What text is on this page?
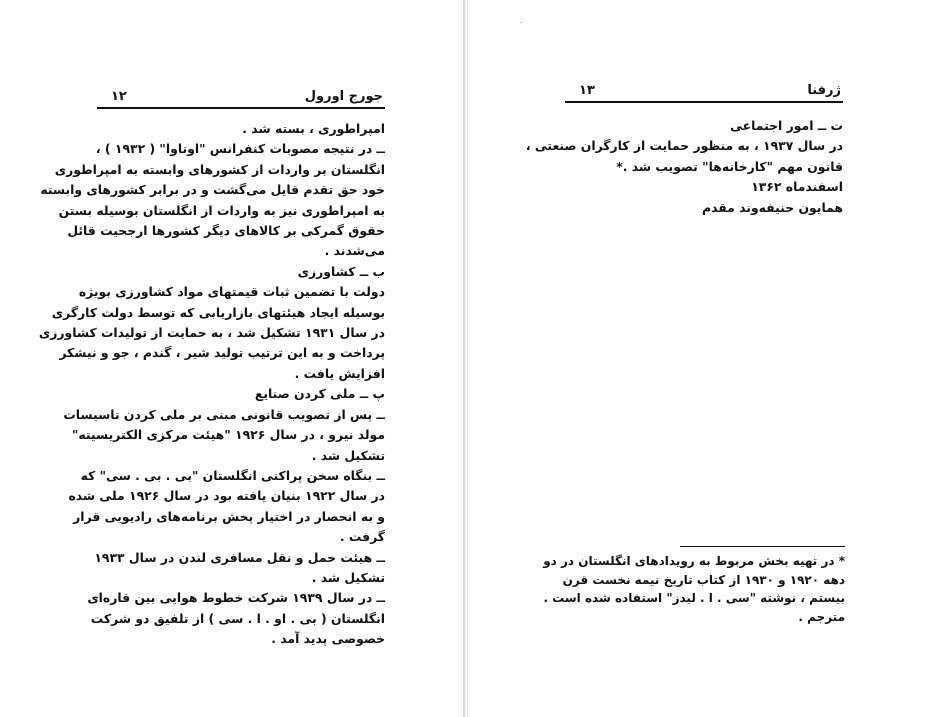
۱۲	جورج اورول
امپراطوری ، بسته شد .
ــ در نتیجه مصوبات کنفرانس "اوتاوا" ( ۱۹۳۲ ) ،
انگلستان بر واردات از کشورهای وابسته به امپراطوری
خود حق تقدم قایل می‌گشت و در برابر کشورهای وابسته
به امپراطوری نیز به واردات از انگلستان بوسیله بستن
حقوق گمرکی بر کالاهای دیگر کشورها ارجحیت قائل
می‌شدند .
ب ــ کشاورزی
دولت با تضمین ثبات قیمتهای مواد کشاورزی بویژه
بوسیله ایجاد هیئتهای بازاریابی که توسط دولت کارگری
در سال ۱۹۳۱ تشکیل شد ، به حمایت از تولیدات کشاورزی
پرداخت و به این ترتیب تولید شیر ، گندم ، جو و نیشکر
افزایش یافت .
پ ــ ملی کردن صنایع
ــ پس از تصویب قانونی مبنی بر ملی کردن تاسیسات
مولد نیرو ، در سال ۱۹۲۶ "هیئت مرکزی الکتریسیته"
تشکیل شد .
ــ بنگاه سخن پراکنی انگلستان "بی . بی . سی" که
در سال ۱۹۲۲ بنیان یافته بود در سال ۱۹۲۶ ملی شده
و به انحصار در اختیار پخش برنامه‌های رادیویی قرار
گرفت .
ــ هیئت حمل و نقل مسافری لندن در سال ۱۹۳۳
تشکیل شد .
ــ در سال ۱۹۳۹ شرکت خطوط هوایی بین قاره‌ای
انگلستان ( بی . او . ا . سی ) از تلفیق دو شرکت
خصوصی پدید آمد .
۱۳	ژرفنا
ت ــ امور اجتماعی
در سال ۱۹۳۷ ، به منظور حمایت از کارگران صنعتی ،
قانون مهم "کارخانه‌ها" تصویب شد .*
اسفندماه ۱۳۶۲
همایون حنیفه‌وند مقدم
* در تهیه بخش مربوط به رویدادهای انگلستان در دو
دهه ۱۹۲۰ و ۱۹۳۰ از کتاب تاریخ نیمه نخست قرن
بیستم ، نوشته "سی . ا . لیدز" استفاده شده است .
مترجم .
